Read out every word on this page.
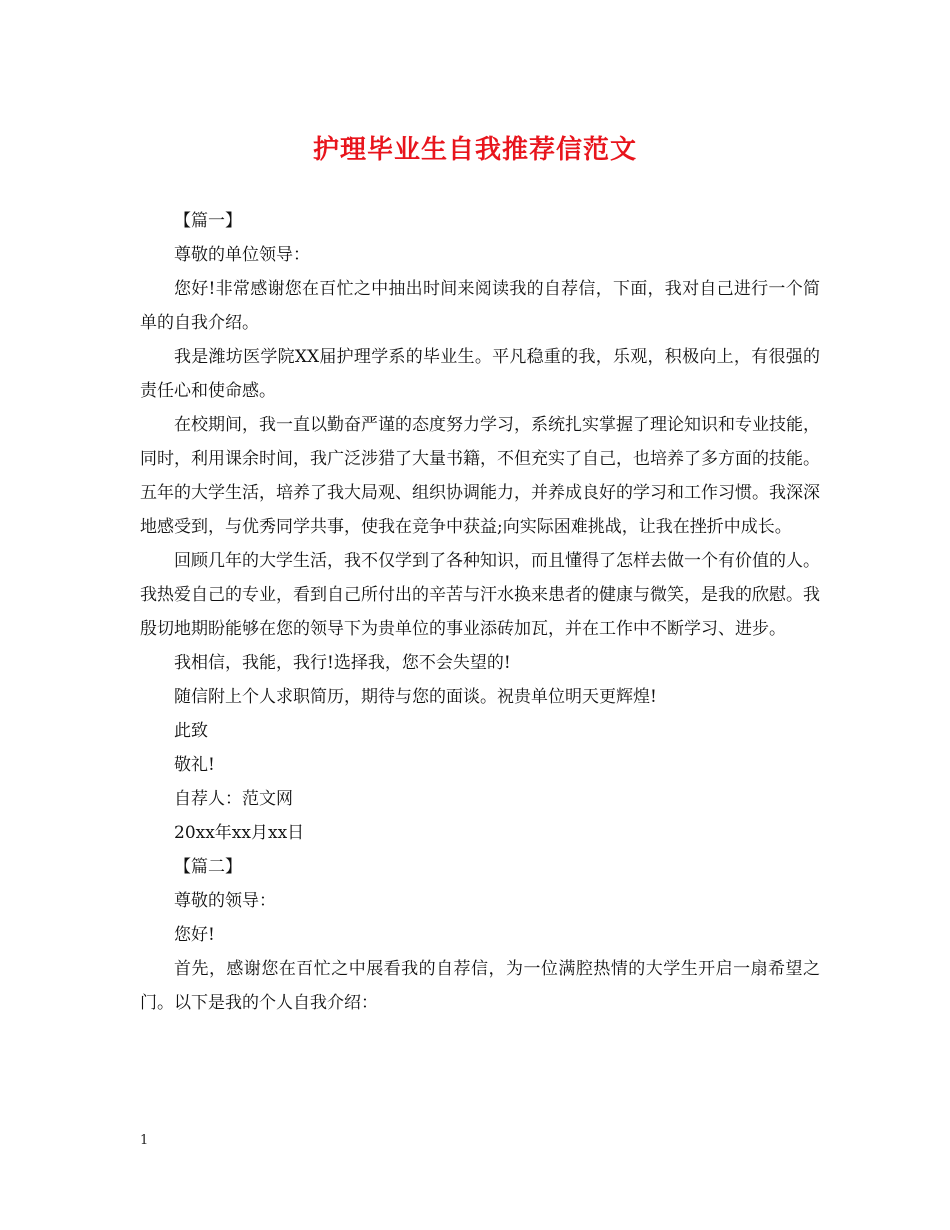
护理毕业生自我推荐信范文

【篇一】

尊敬的单位领导：

您好!非常感谢您在百忙之中抽出时间来阅读我的自荐信，下面，我对自己进行一个简单的自我介绍。

我是潍坊医学院XX届护理学系的毕业生。平凡稳重的我，乐观，积极向上，有很强的责任心和使命感。

在校期间，我一直以勤奋严谨的态度努力学习，系统扎实掌握了理论知识和专业技能，同时，利用课余时间，我广泛涉猎了大量书籍，不但充实了自己，也培养了多方面的技能。五年的大学生活，培养了我大局观、组织协调能力，并养成良好的学习和工作习惯。我深深地感受到，与优秀同学共事，使我在竞争中获益;向实际困难挑战，让我在挫折中成长。

回顾几年的大学生活，我不仅学到了各种知识，而且懂得了怎样去做一个有价值的人。我热爱自己的专业，看到自己所付出的辛苦与汗水换来患者的健康与微笑，是我的欣慰。我殷切地期盼能够在您的领导下为贵单位的事业添砖加瓦，并在工作中不断学习、进步。

我相信，我能，我行!选择我，您不会失望的!

随信附上个人求职简历，期待与您的面谈。祝贵单位明天更辉煌!

此致

敬礼!

自荐人：范文网

20xx年xx月xx日

【篇二】

尊敬的领导：

您好!

首先，感谢您在百忙之中展看我的自荐信，为一位满腔热情的大学生开启一扇希望之门。以下是我的个人自我介绍：

1
